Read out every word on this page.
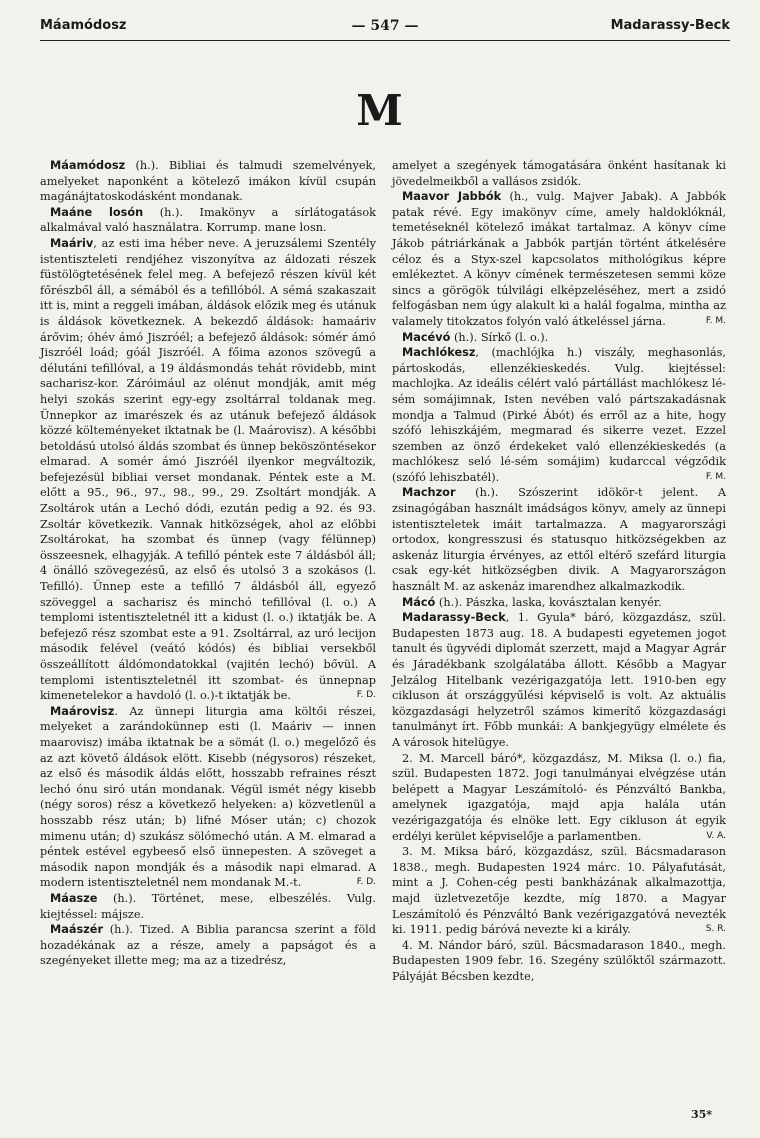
Máamódosz	— 547 —	Madarassy-Beck
M

Máamódosz (h.). Bibliai és talmudi szemelvények, amelyeket naponként a kötelező imákon kívül csupán magánájtatoskodásként mondanak.

Maáne losón (h.). Imakönyv a sírlátogatások alkalmával való használatra. Korrump. mane losn.

Maáriv, az esti ima héber neve. A jeruzsálemi Szentély istentiszteleti rendjéhez viszonyítva az áldozati részek füstölögtetésének felel meg. A befejező részen kívül két főrészből áll, a sémából és a tefillóból. A sémá szakaszait itt is, mint a reggeli imában, áldások előzik meg és utánuk is áldások következnek. A bekezdő áldások: hamaáriv árővim; óhév ámó Jiszróél; a befejező áldások: sómér ámó Jiszróél loád; góál Jiszróél. A főima azonos szövegű a délutáni tefillóval, a 19 áldásmondás tehát rövidebb, mint sacharisz-kor. Záróimául az olénut mondják, amit még helyi szokás szerint egy-egy zsoltárral toldanak meg. Ünnepkor az imarészek és az utánuk befejező áldások közzé költeményeket iktatnak be (l. Maárovisz). A későbbi betoldású utolsó áldás szombat és ünnep beköszöntésekor elmarad. A somér ámó Jiszróél ilyenkor megváltozik, befejezésül bibliai verset mondanak. Péntek este a M. előtt a 95., 96., 97., 98., 99., 29. Zsoltárt mondják. A Zsoltárok után a Lechó dódi, ezután pedig a 92. és 93. Zsoltár következik. Vannak hitközségek, ahol az előbbi Zsoltárokat, ha szombat és ünnep (vagy félünnep) összeesnek, elhagyják. A tefilló péntek este 7 áldásból áll; 4 önálló szövegezésű, az első és utolsó 3 a szokásos (l. Tefilló). Ünnep este a tefilló 7 áldásból áll, egyező szöveggel a sacharisz és minchó tefillóval (l. o.) A templomi istentiszteletnél itt a kidust (l. o.) iktatják be. A befejező rész szombat este a 91. Zsoltárral, az uró lecijon második felével (veátó kódós) és bibliai versekből összeállított áldómondatokkal (vajitén lechó) bővül. A templomi istentiszteletnél itt szombat- és ünnepnap kimenetelekor a havdoló (l. o.)-t iktatják be.	F. D.

Maárovisz. Az ünnepi liturgia ama költői részei, melyeket a zarándokünnep esti (l. Maáriv — innen maarovisz) imába iktatnak be a sömát (l. o.) megelőző és az azt követő áldások elött. Kisebb (négysoros) részeket, az első és második áldás előtt, hosszabb refraines részt lechó ónu siró után mondanak. Végül ismét négy kisebb (négy soros) rész a következő helyeken: a) közvetlenül a hosszabb rész után; b) lifné Móser után; c) chozok mimenu után; d) szukász sölómechó után. A M. elmarad a péntek estével egybeeső első ünnepesten. A szöveget a második napon mondják és a második napi elmarad. A modern istentiszteletnél nem mondanak M.-t.	F. D.

Máasze (h.). Történet, mese, elbeszélés. Vulg. kiejtéssel: májsze.

Maászér (h.). Tized. A Biblia parancsa szerint a föld hozadékának az a része, amely a papságot és a szegényeket illette meg; ma az a tizedrész,

amelyet a szegények támogatására önként hasítanak ki jövedelmeikből a vallásos zsidók.

Maavor Jabbók (h., vulg. Majver Jabak). A Jabbók patak révé. Egy imakönyv címe, amely haldoklóknál, temetéseknél kötelező imákat tartalmaz. A könyv címe Jákob pátriárkának a Jabbók partján történt átkelésére céloz és a Styx-szel kapcsolatos mithológikus képre emlékeztet. A könyv címének természetesen semmi köze sincs a görögök túlvilági elképzeléséhez, mert a zsidó felfogásban nem úgy alakult ki a halál fogalma, mintha az valamely titokzatos folyón való átkeléssel járna.	F. M.

Macévó (h.). Sírkő (l. o.).

Machlókesz, (machlójka h.) viszály, meghasonlás, pártoskodás, ellenzékieskedés. Vulg. kiejtéssel: machlojka. Az ideális célért való pártállást machlókesz lé-sém somájimnak, Isten nevében való pártszakadásnak mondja a Talmud (Pirké Ábót) és erről az a hite, hogy szófó lehiszkájém, megmarad és sikerre vezet. Ezzel szemben az önző érdekeket való ellenzékieskedés (a machlókesz seló lé-sém somájim) kudarccal végződik (szófó lehiszbatél).	F. M.

Machzor (h.). Szószerint idökör-t jelent. A zsinagógában használt imádságos könyv, amely az ünnepi istentiszteletek imáit tartalmazza. A magyarországi ortodox, kongresszusi és statusquo hitközségekben az askenáz liturgia érvényes, az ettől eltérő szefárd liturgia csak egy-két hitközségben divik. A Magyarországon használt M. az askenáz imarendhez alkalmazkodik.

Mácó (h.). Pászka, laska, kovásztalan kenyér.

Madarassy-Beck, 1. Gyula* báró, közgazdász, szül. Budapesten 1873 aug. 18. A budapesti egyetemen jogot tanult és ügyvédi diplomát szerzett, majd a Magyar Agrár és Járadékbank szolgálatába állott. Később a Magyar Jelzálog Hitelbank vezérigazgatója lett. 1910-ben egy cikluson át országgyűlési képviselő is volt. Az aktuális közgazdasági helyzetről számos kimerítő közgazdasági tanulmányt írt. Főbb munkái: A bankjegyügy elmélete és A városok hitelügye.

2. M. Marcell báró*, közgazdász, M. Miksa (l. o.) fia, szül. Budapesten 1872. Jogi tanulmányai elvégzése után belépett a Magyar Leszámítoló- és Pénzváltó Bankba, amelynek igazgatója, majd apja halála után vezérigazgatója és elnöke lett. Egy cikluson át egyik erdélyi kerület képviselője a parlamentben.	V. A.

3. M. Miksa báró, közgazdász, szül. Bácsmadarason 1838., megh. Budapesten 1924 márc. 10. Pályafutását, mint a J. Cohen-cég pesti bankházának alkalmazottja, majd üzletvezetője kezdte, míg 1870. a Magyar Leszámítoló és Pénzváltó Bank vezérigazgatóvá nevezték ki. 1911. pedig báróvá nevezte ki a király.	S. R.

4. M. Nándor báró, szül. Bácsmadarason 1840., megh. Budapesten 1909 febr. 16. Szegény szülőktől származott. Pályáját Bécsben kezdte,

35*
